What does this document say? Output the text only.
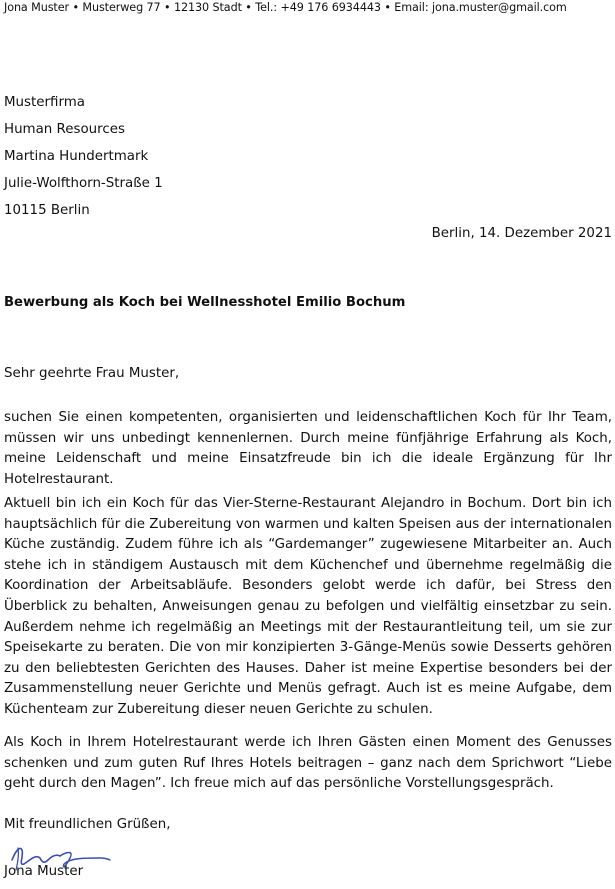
Jona Muster • Musterweg 77 • 12130 Stadt • Tel.: +49 176 6934443 • Email: jona.muster@gmail.com
Musterfirma
Human Resources
Martina Hundertmark
Julie-Wolfthorn-Straße 1
10115 Berlin
Berlin, 14. Dezember 2021
Bewerbung als Koch bei Wellnesshotel Emilio Bochum
Sehr geehrte Frau Muster,
suchen Sie einen kompetenten, organisierten und leidenschaftlichen Koch für Ihr Team, müssen wir uns unbedingt kennenlernen. Durch meine fünfjährige Erfahrung als Koch, meine Leidenschaft und meine Einsatzfreude bin ich die ideale Ergänzung für Ihr Hotelrestaurant.
Aktuell bin ich ein Koch für das Vier-Sterne-Restaurant Alejandro in Bochum. Dort bin ich hauptsächlich für die Zubereitung von warmen und kalten Speisen aus der internationalen Küche zuständig. Zudem führe ich als “Gardemanger” zugewiesene Mitarbeiter an. Auch stehe ich in ständigem Austausch mit dem Küchenchef und übernehme regelmäßig die Koordination der Arbeitsabläufe. Besonders gelobt werde ich dafür, bei Stress den Überblick zu behalten, Anweisungen genau zu befolgen und vielfältig einsetzbar zu sein. Außerdem nehme ich regelmäßig an Meetings mit der Restaurantleitung teil, um sie zur Speisekarte zu beraten. Die von mir konzipierten 3-Gänge-Menüs sowie Desserts gehören zu den beliebtesten Gerichten des Hauses. Daher ist meine Expertise besonders bei der Zusammenstellung neuer Gerichte und Menüs gefragt. Auch ist es meine Aufgabe, dem Küchenteam zur Zubereitung dieser neuen Gerichte zu schulen.
Als Koch in Ihrem Hotelrestaurant werde ich Ihren Gästen einen Moment des Genusses schenken und zum guten Ruf Ihres Hotels beitragen – ganz nach dem Sprichwort “Liebe geht durch den Magen”. Ich freue mich auf das persönliche Vorstellungsgespräch.
Mit freundlichen Grüßen,
Jona Muster
